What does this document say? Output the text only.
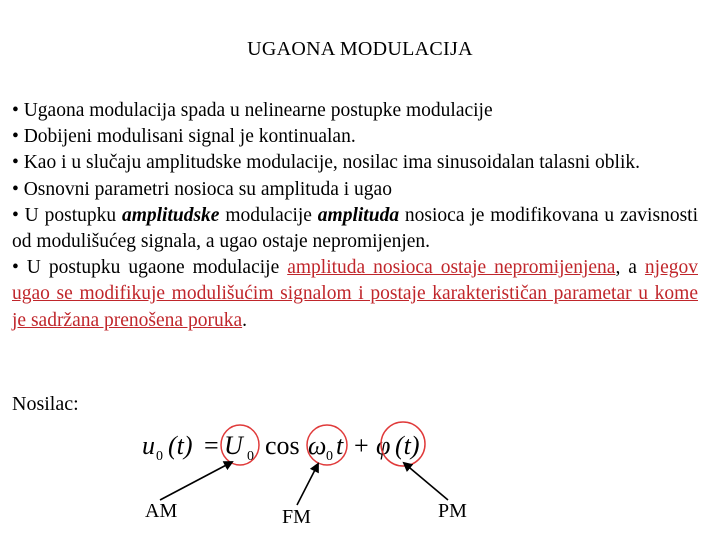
UGAONA MODULACIJA

• Ugaona modulacija spada u nelinearne postupke modulacije

• Dobijeni modulisani signal je kontinualan.

• Kao i u slučaju amplitudske modulacije, nosilac ima sinusoidalan talasni oblik.

• Osnovni parametri nosioca su amplituda i ugao

• U postupku amplitudske modulacije amplituda nosioca je modifikovana u zavisnosti od modulišućeg signala, a ugao ostaje nepromijenjen.

• U postupku ugaone modulacije amplituda nosioca ostaje nepromijenjena, a njegov ugao se modifikuje modulišućim signalom i postaje karakterističan parametar u kome je sadržana prenošena poruka.

Nosilac:
u 0 (t) = U 0 cos ω 0 t + φ (t)
AM	FM	PM
